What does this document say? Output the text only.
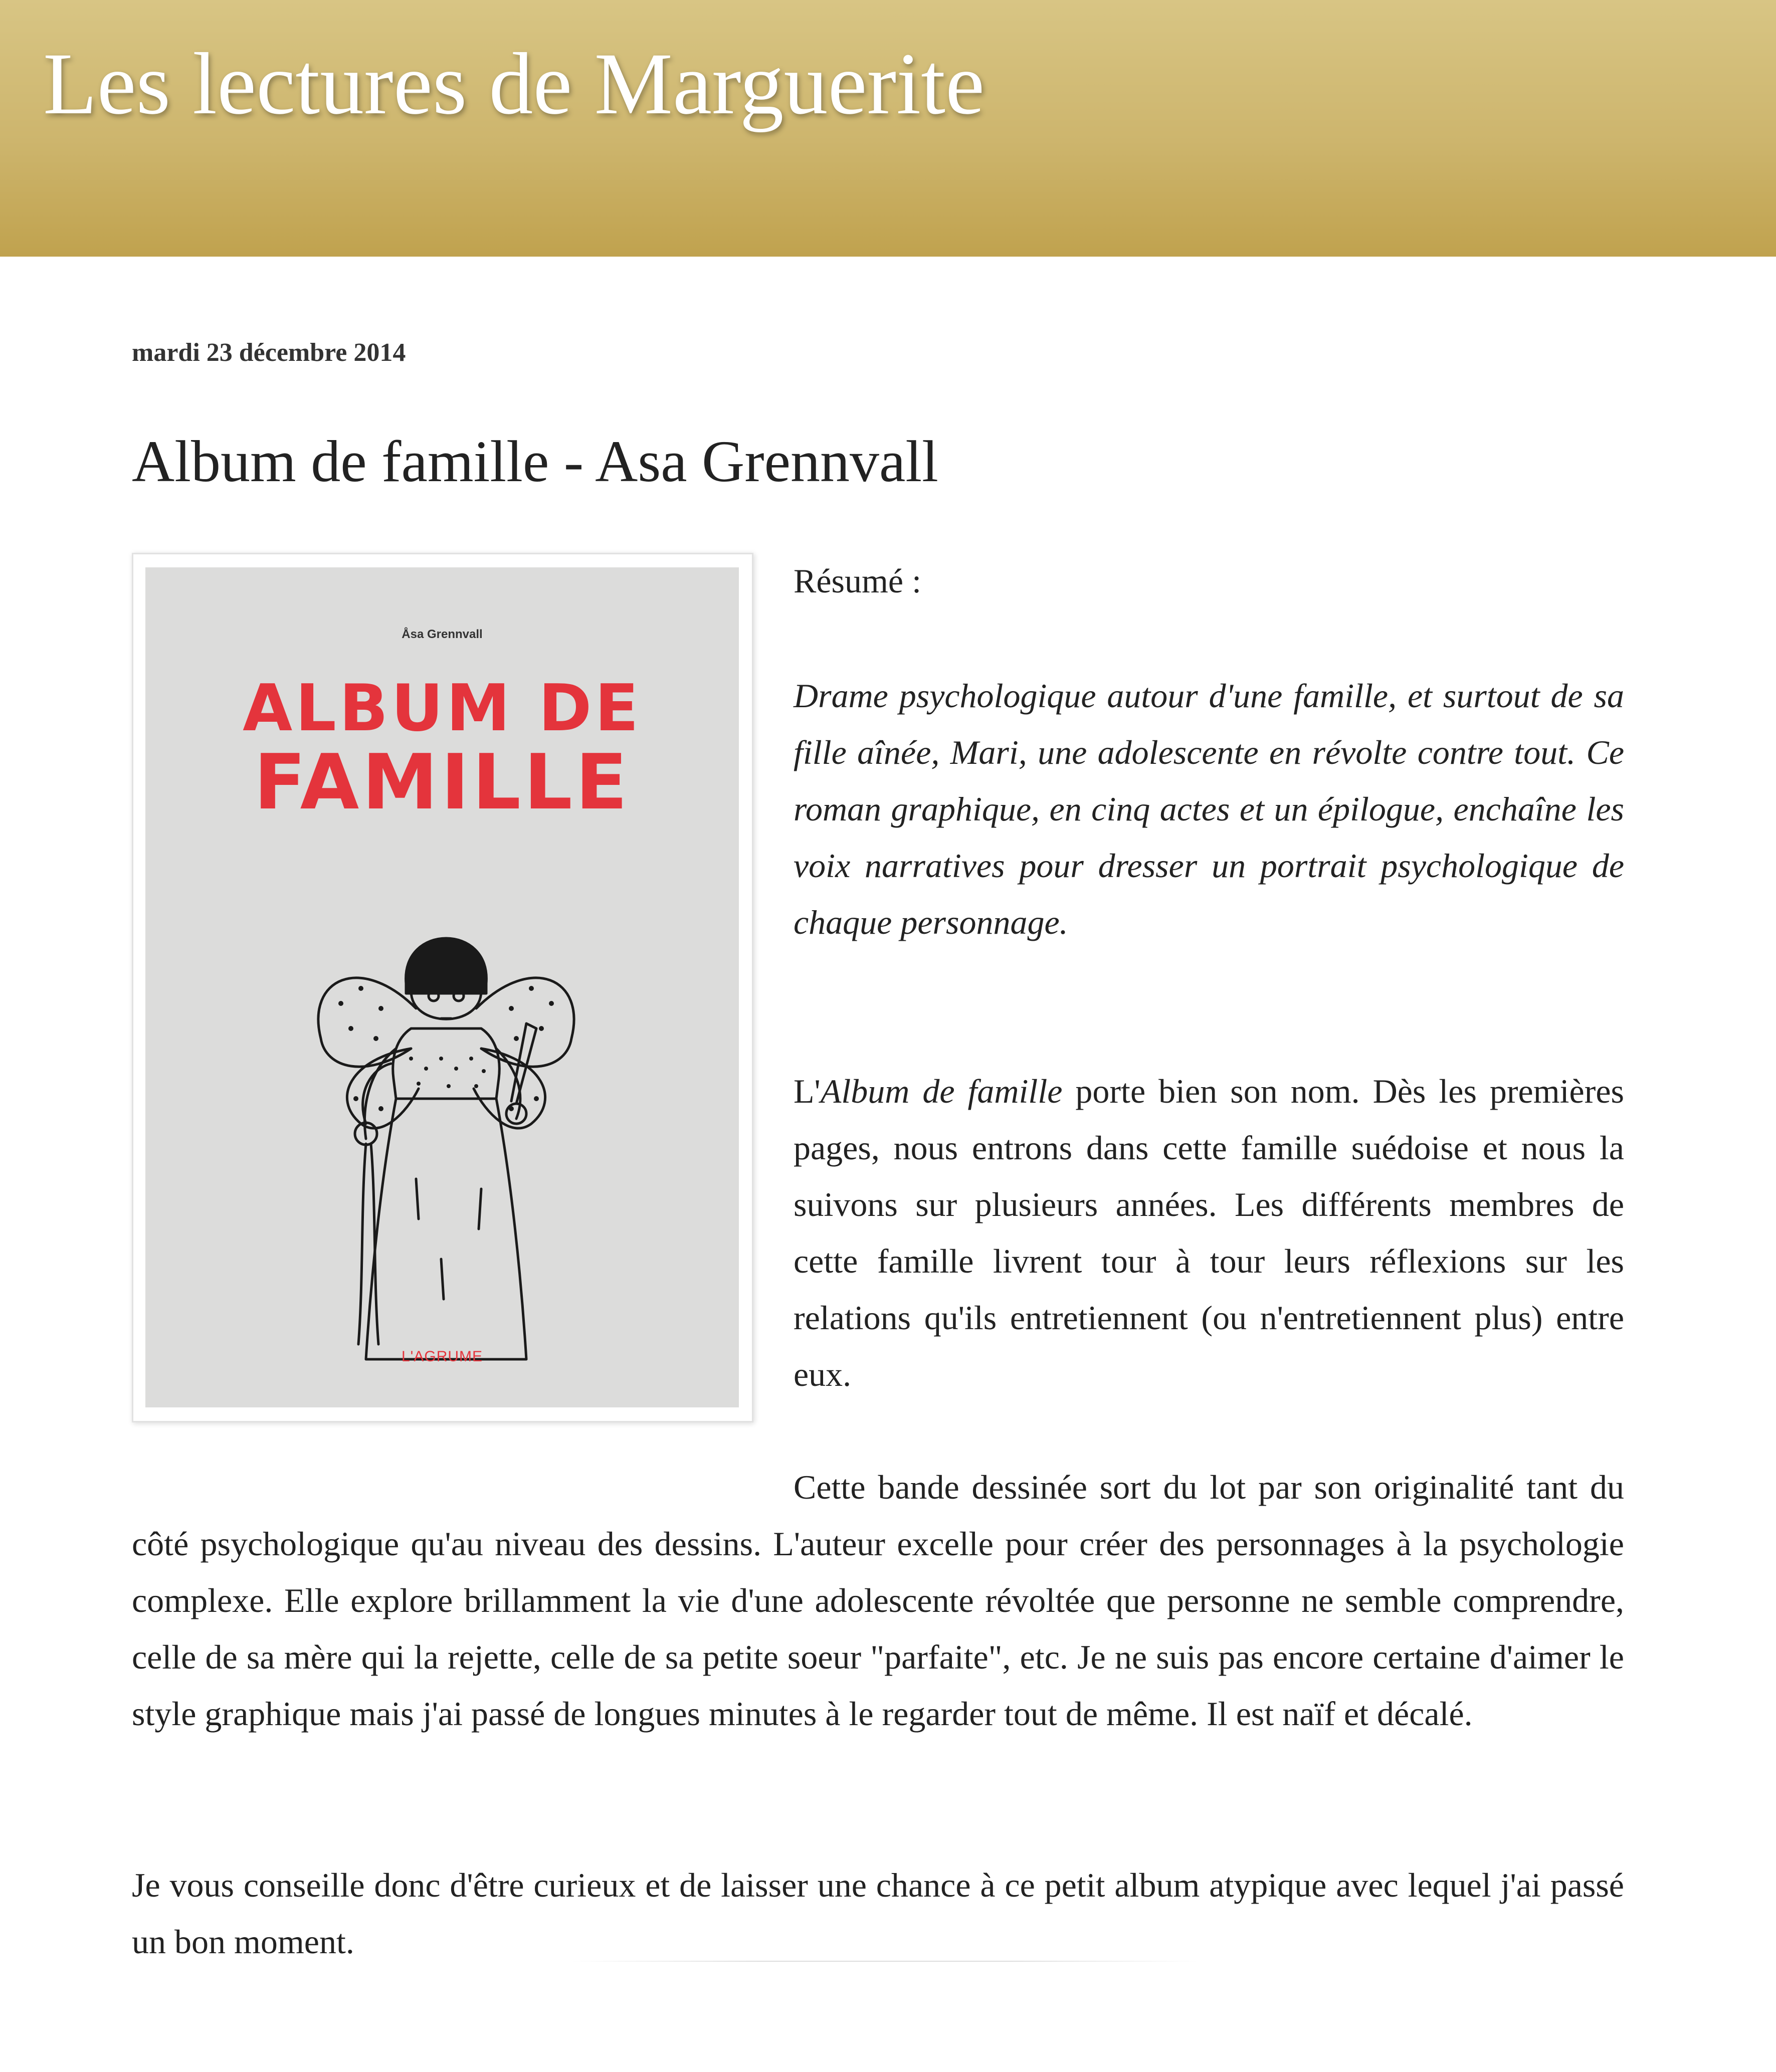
Les lectures de Marguerite
mardi 23 décembre 2014
Album de famille - Asa Grennvall
Åsa Grennvall
ALBUM DE
FAMILLE
L'AGRUME
Résumé :
Drame psychologique autour d'une famille, et surtout de sa fille aînée, Mari, une adolescente en révolte contre tout. Ce roman graphique, en cinq actes et un épilogue, enchaîne les voix narratives pour dresser un portrait psychologique de chaque personnage.
L'Album de famille porte bien son nom. Dès les premières pages, nous entrons dans cette famille suédoise et nous la suivons sur plusieurs années. Les différents membres de cette famille livrent tour à tour leurs réflexions sur les relations qu'ils entretiennent (ou n'entretiennent plus) entre eux.
Cette bande dessinée sort du lot par son originalité tant du côté psychologique qu'au niveau des dessins. L'auteur excelle pour créer des personnages à la psychologie complexe. Elle explore brillamment la vie d'une adolescente révoltée que personne ne semble comprendre, celle de sa mère qui la rejette, celle de sa petite soeur "parfaite", etc. Je ne suis pas encore certaine d'aimer le style graphique mais j'ai passé de longues minutes à le regarder tout de même. Il est naïf et décalé.
Je vous conseille donc d'être curieux et de laisser une chance à ce petit album atypique avec lequel j'ai passé un bon moment.
